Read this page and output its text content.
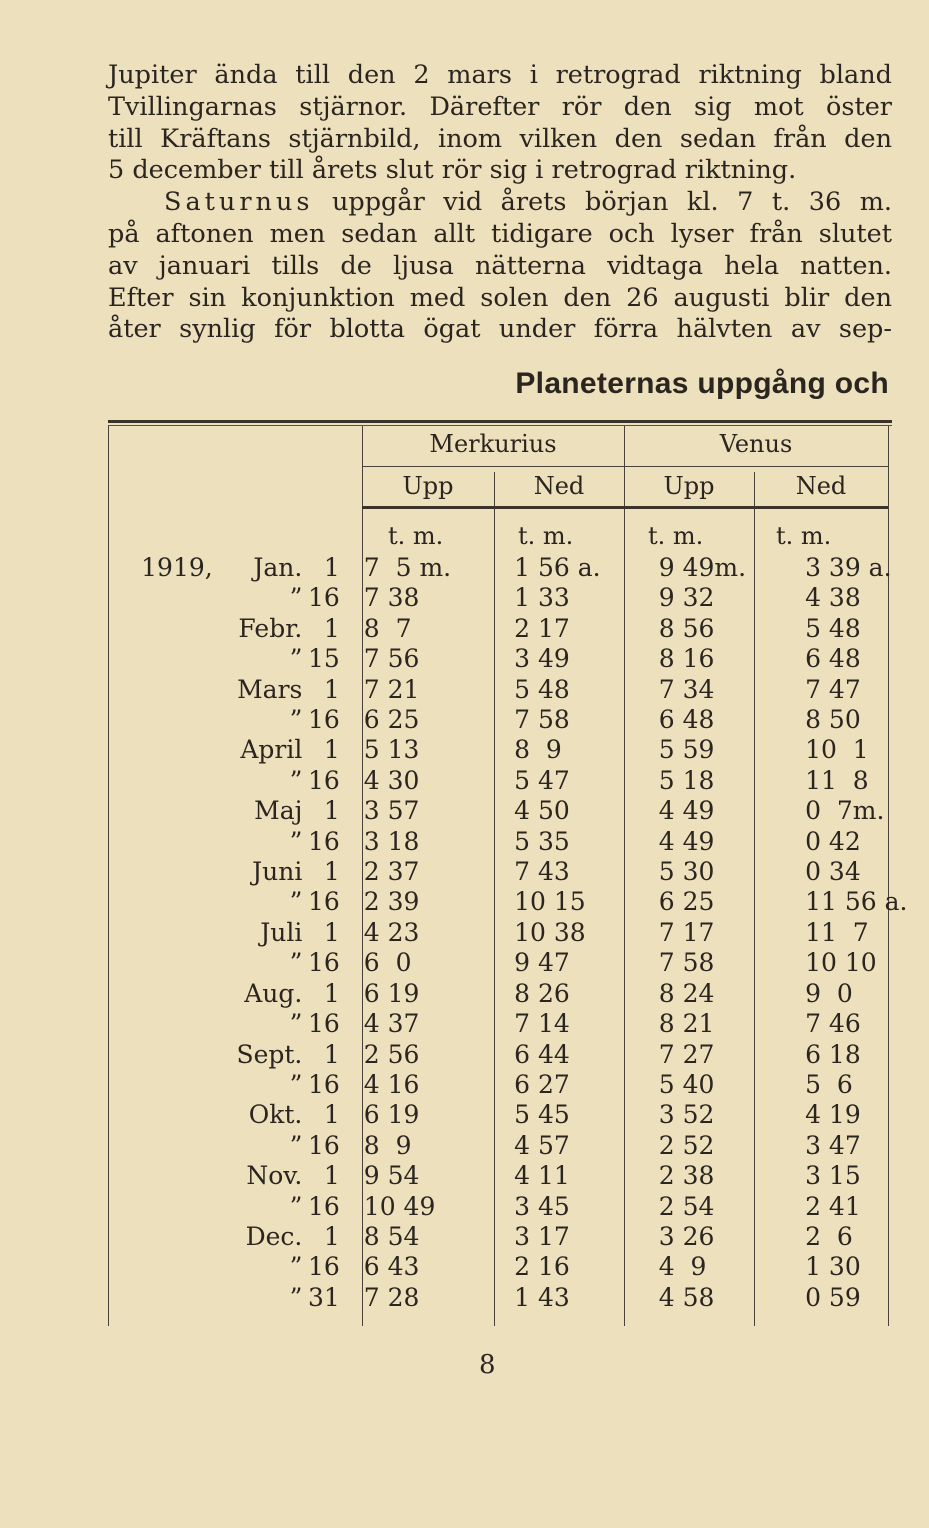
Jupiter ända till den 2 mars i retrograd riktning bland
Tvillingarnas stjärnor. Därefter rör den sig mot öster
till Kräftans stjärnbild, inom vilken den sedan från den
5 december till årets slut rör sig i retrograd riktning.
Saturnus uppgår vid årets början kl. 7 t. 36 m.
på aftonen men sedan allt tidigare och lyser från slutet
av januari tills de ljusa nätterna vidtaga hela natten.
Efter sin konjunktion med solen den 26 augusti blir den
åter synlig för blotta ögat under förra hälvten av sep-
Planeternas uppgång och
Merkurius	Venus
Upp	Ned	Upp	Ned
t. m.	t. m.	t. m.	t. m.
1919,	Jan.	1	7  5 m.	1 56 a.	9 49m.	3 39 a.
	”	16	7 38	1 33	9 32	4 38
	Febr.	1	8  7	2 17	8 56	5 48
	”	15	7 56	3 49	8 16	6 48
	Mars	1	7 21	5 48	7 34	7 47
	”	16	6 25	7 58	6 48	8 50
	April	1	5 13	8  9	5 59	10  1
	”	16	4 30	5 47	5 18	11  8
	Maj	1	3 57	4 50	4 49	0  7m.
	”	16	3 18	5 35	4 49	0 42
	Juni	1	2 37	7 43	5 30	0 34
	”	16	2 39	10 15	6 25	11 56 a.
	Juli	1	4 23	10 38	7 17	11  7
	”	16	6  0	9 47	7 58	10 10
	Aug.	1	6 19	8 26	8 24	9  0
	”	16	4 37	7 14	8 21	7 46
	Sept.	1	2 56	6 44	7 27	6 18
	”	16	4 16	6 27	5 40	5  6
	Okt.	1	6 19	5 45	3 52	4 19
	”	16	8  9	4 57	2 52	3 47
	Nov.	1	9 54	4 11	2 38	3 15
	”	16	10 49	3 45	2 54	2 41
	Dec.	1	8 54	3 17	3 26	2  6
	”	16	6 43	2 16	4  9	1 30
	”	31	7 28	1 43	4 58	0 59
8
